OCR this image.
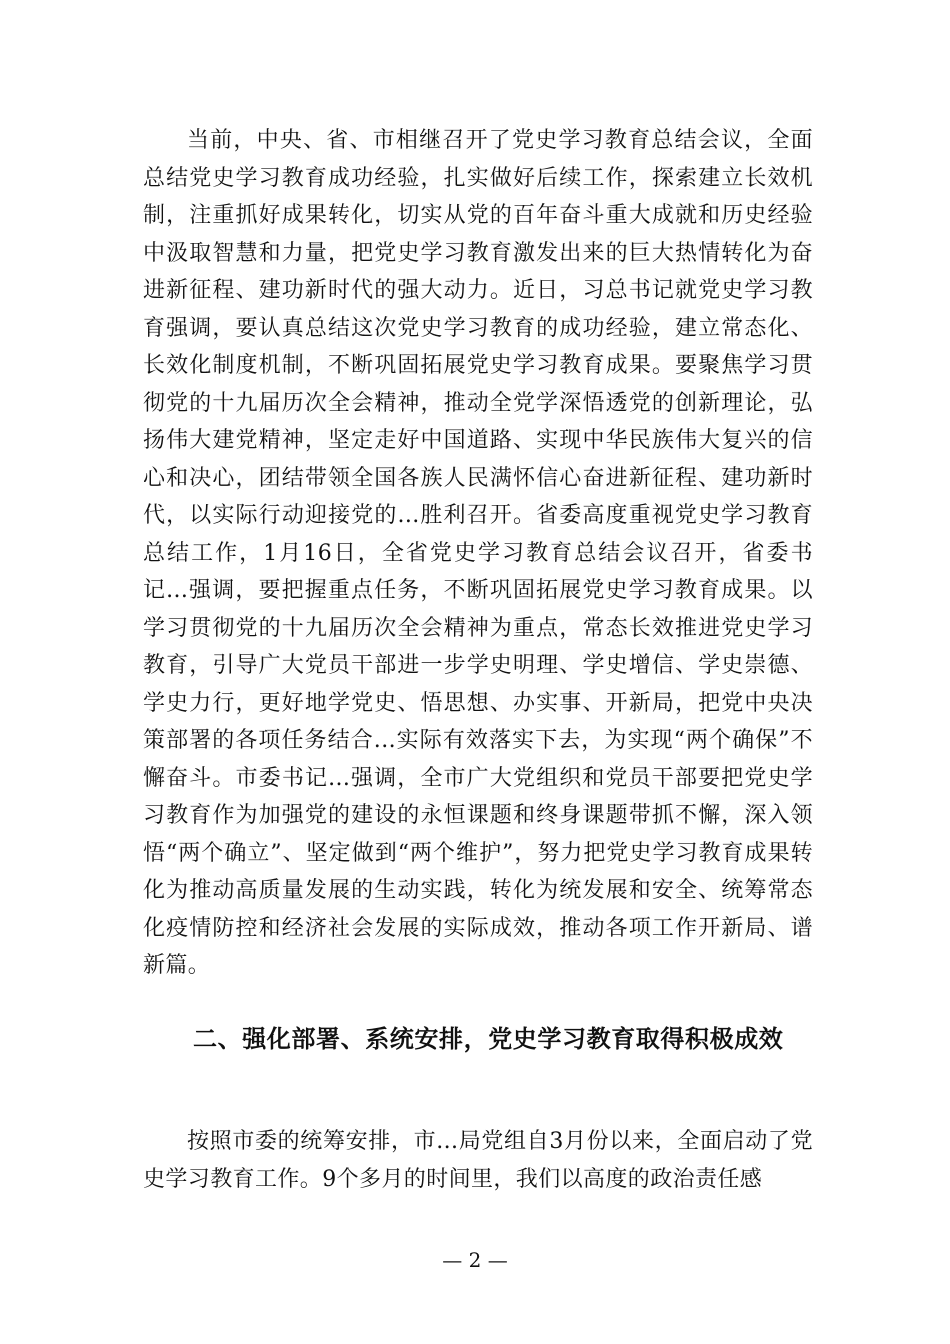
当前，中央、省、市相继召开了党史学习教育总结会议，全面总结党史学习教育成功经验，扎实做好后续工作，探索建立长效机制，注重抓好成果转化，切实从党的百年奋斗重大成就和历史经验中汲取智慧和力量，把党史学习教育激发出来的巨大热情转化为奋进新征程、建功新时代的强大动力。近日，习总书记就党史学习教育强调，要认真总结这次党史学习教育的成功经验，建立常态化、长效化制度机制，不断巩固拓展党史学习教育成果。要聚焦学习贯彻党的十九届历次全会精神，推动全党学深悟透党的创新理论，弘扬伟大建党精神，坚定走好中国道路、实现中华民族伟大复兴的信心和决心，团结带领全国各族人民满怀信心奋进新征程、建功新时代，以实际行动迎接党的...胜利召开。省委高度重视党史学习教育总结工作，1月16日，全省党史学习教育总结会议召开，省委书记...强调，要把握重点任务，不断巩固拓展党史学习教育成果。以学习贯彻党的十九届历次全会精神为重点，常态长效推进党史学习教育，引导广大党员干部进一步学史明理、学史增信、学史崇德、学史力行，更好地学党史、悟思想、办实事、开新局，把党中央决策部署的各项任务结合...实际有效落实下去，为实现“两个确保”不懈奋斗。市委书记...强调，全市广大党组织和党员干部要把党史学习教育作为加强党的建设的永恒课题和终身课题带抓不懈，深入领悟“两个确立”、坚定做到“两个维护”，努力把党史学习教育成果转化为推动高质量发展的生动实践，转化为统发展和安全、统筹常态化疫情防控和经济社会发展的实际成效，推动各项工作开新局、谱新篇。

二、强化部署、系统安排，党史学习教育取得积极成效

按照市委的统筹安排，市...局党组自3月份以来，全面启动了党史学习教育工作。9个多月的时间里，我们以高度的政治责任感

— 2 —
